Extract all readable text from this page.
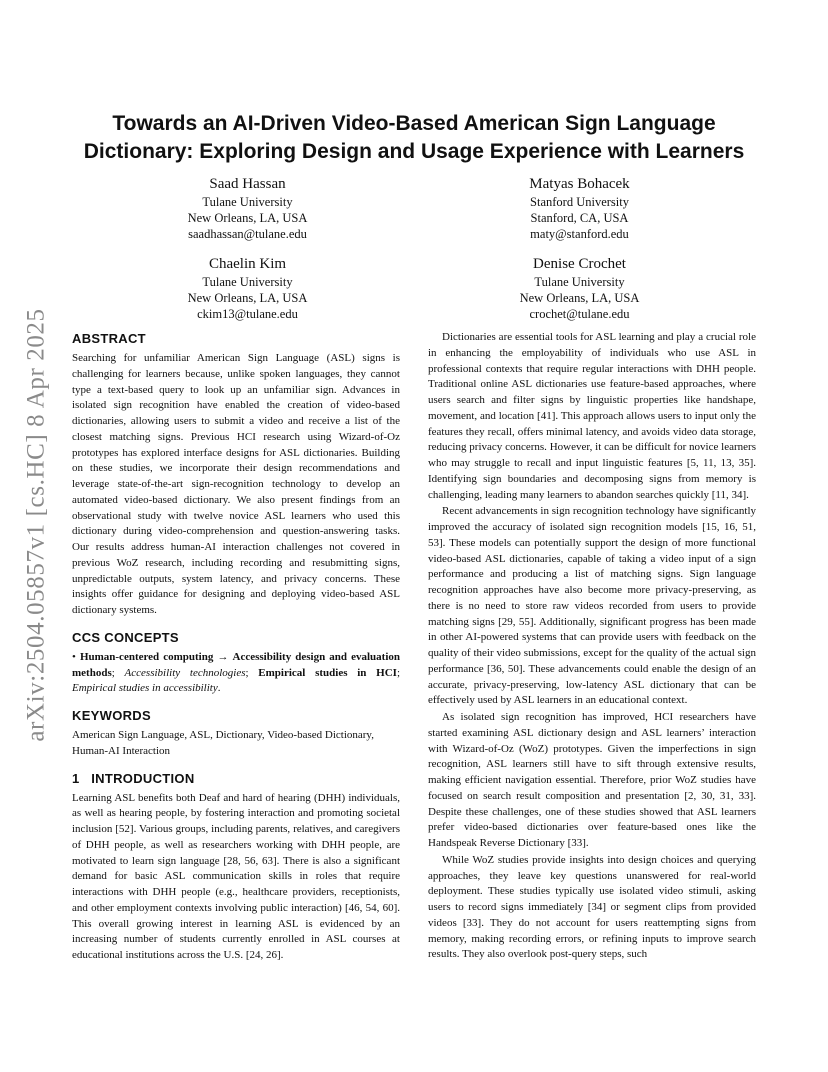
arXiv:2504.05857v1 [cs.HC] 8 Apr 2025
Towards an AI-Driven Video-Based American Sign Language
Dictionary: Exploring Design and Usage Experience with Learners
Saad Hassan
Tulane University
New Orleans, LA, USA
saadhassan@tulane.edu
Matyas Bohacek
Stanford University
Stanford, CA, USA
maty@stanford.edu
Chaelin Kim
Tulane University
New Orleans, LA, USA
ckim13@tulane.edu
Denise Crochet
Tulane University
New Orleans, LA, USA
crochet@tulane.edu
ABSTRACT

Searching for unfamiliar American Sign Language (ASL) signs is challenging for learners because, unlike spoken languages, they cannot type a text-based query to look up an unfamiliar sign. Advances in isolated sign recognition have enabled the creation of video-based dictionaries, allowing users to submit a video and receive a list of the closest matching signs. Previous HCI research using Wizard-of-Oz prototypes has explored interface designs for ASL dictionaries. Building on these studies, we incorporate their design recommendations and leverage state-of-the-art sign-recognition technology to develop an automated video-based dictionary. We also present findings from an observational study with twelve novice ASL learners who used this dictionary during video-comprehension and question-answering tasks. Our results address human-AI interaction challenges not covered in previous WoZ research, including recording and resubmitting signs, unpredictable outputs, system latency, and privacy concerns. These insights offer guidance for designing and deploying video-based ASL dictionary systems.

CCS CONCEPTS

• Human-centered computing → Accessibility design and evaluation methods; Accessibility technologies; Empirical studies in HCI; Empirical studies in accessibility.

KEYWORDS

American Sign Language, ASL, Dictionary, Video-based Dictionary, Human-AI Interaction

1   INTRODUCTION

Learning ASL benefits both Deaf and hard of hearing (DHH) individuals, as well as hearing people, by fostering interaction and promoting societal inclusion [52]. Various groups, including parents, relatives, and caregivers of DHH people, as well as researchers working with DHH people, are motivated to learn sign language [28, 56, 63]. There is also a significant demand for basic ASL communication skills in roles that require interactions with DHH people (e.g., healthcare providers, receptionists, and other employment contexts involving public interaction) [46, 54, 60]. This overall growing interest in learning ASL is evidenced by an increasing number of students currently enrolled in ASL courses at educational institutions across the U.S. [24, 26].

Dictionaries are essential tools for ASL learning and play a crucial role in enhancing the employability of individuals who use ASL in professional contexts that require regular interactions with DHH people. Traditional online ASL dictionaries use feature-based approaches, where users search and filter signs by linguistic properties like handshape, movement, and location [41]. This approach allows users to input only the features they recall, offers minimal latency, and avoids video data storage, reducing privacy concerns. However, it can be difficult for novice learners who may struggle to recall and input linguistic features [5, 11, 13, 35]. Identifying sign boundaries and decomposing signs from memory is challenging, leading many learners to abandon searches quickly [11, 34].

Recent advancements in sign recognition technology have significantly improved the accuracy of isolated sign recognition models [15, 16, 51, 53]. These models can potentially support the design of more functional video-based ASL dictionaries, capable of taking a video input of a sign performance and producing a list of matching signs. Sign language recognition approaches have also become more privacy-preserving, as there is no need to store raw videos recorded from users to provide matching signs [29, 55]. Additionally, significant progress has been made in other AI-powered systems that can provide users with feedback on the quality of their video submissions, except for the quality of the actual sign performance [36, 50]. These advancements could enable the design of an accurate, privacy-preserving, low-latency ASL dictionary that can be effectively used by ASL learners in an educational context.

As isolated sign recognition has improved, HCI researchers have started examining ASL dictionary design and ASL learners’ interaction with Wizard-of-Oz (WoZ) prototypes. Given the imperfections in sign recognition, ASL learners still have to sift through extensive results, making efficient navigation essential. Therefore, prior WoZ studies have focused on search result composition and presentation [2, 30, 31, 33]. Despite these challenges, one of these studies showed that ASL learners prefer video-based dictionaries over feature-based ones like the Handspeak Reverse Dictionary [33].

While WoZ studies provide insights into design choices and querying approaches, they leave key questions unanswered for real-world deployment. These studies typically use isolated video stimuli, asking users to record signs immediately [34] or segment clips from provided videos [33]. They do not account for users reattempting signs from memory, making recording errors, or refining inputs to improve search results. They also overlook post-query steps, such
